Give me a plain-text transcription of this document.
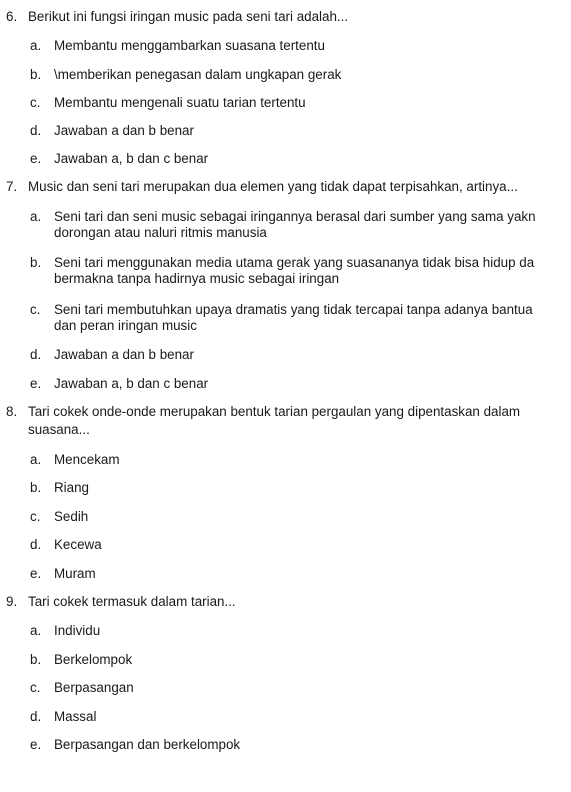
6. Berikut ini fungsi iringan music pada seni tari adalah...
a. Membantu menggambarkan suasana tertentu
b. \memberikan penegasan dalam ungkapan gerak
c. Membantu mengenali suatu tarian tertentu
d. Jawaban a dan b benar
e. Jawaban a, b dan c benar
7. Music dan seni tari merupakan dua elemen yang tidak dapat terpisahkan, artinya...
a. Seni tari dan seni music sebagai iringannya berasal dari sumber yang sama yakn
dorongan atau naluri ritmis manusia
b. Seni tari menggunakan media utama gerak yang suasananya tidak bisa hidup da
bermakna tanpa hadirnya music sebagai iringan
c. Seni tari membutuhkan upaya dramatis yang tidak tercapai tanpa adanya bantua
dan peran iringan music
d. Jawaban a dan b benar
e. Jawaban a, b dan c benar
8. Tari cokek onde-onde merupakan bentuk tarian pergaulan yang dipentaskan dalam
suasana...
a. Mencekam
b. Riang
c. Sedih
d. Kecewa
e. Muram
9. Tari cokek termasuk dalam tarian...
a. Individu
b. Berkelompok
c. Berpasangan
d. Massal
e. Berpasangan dan berkelompok
